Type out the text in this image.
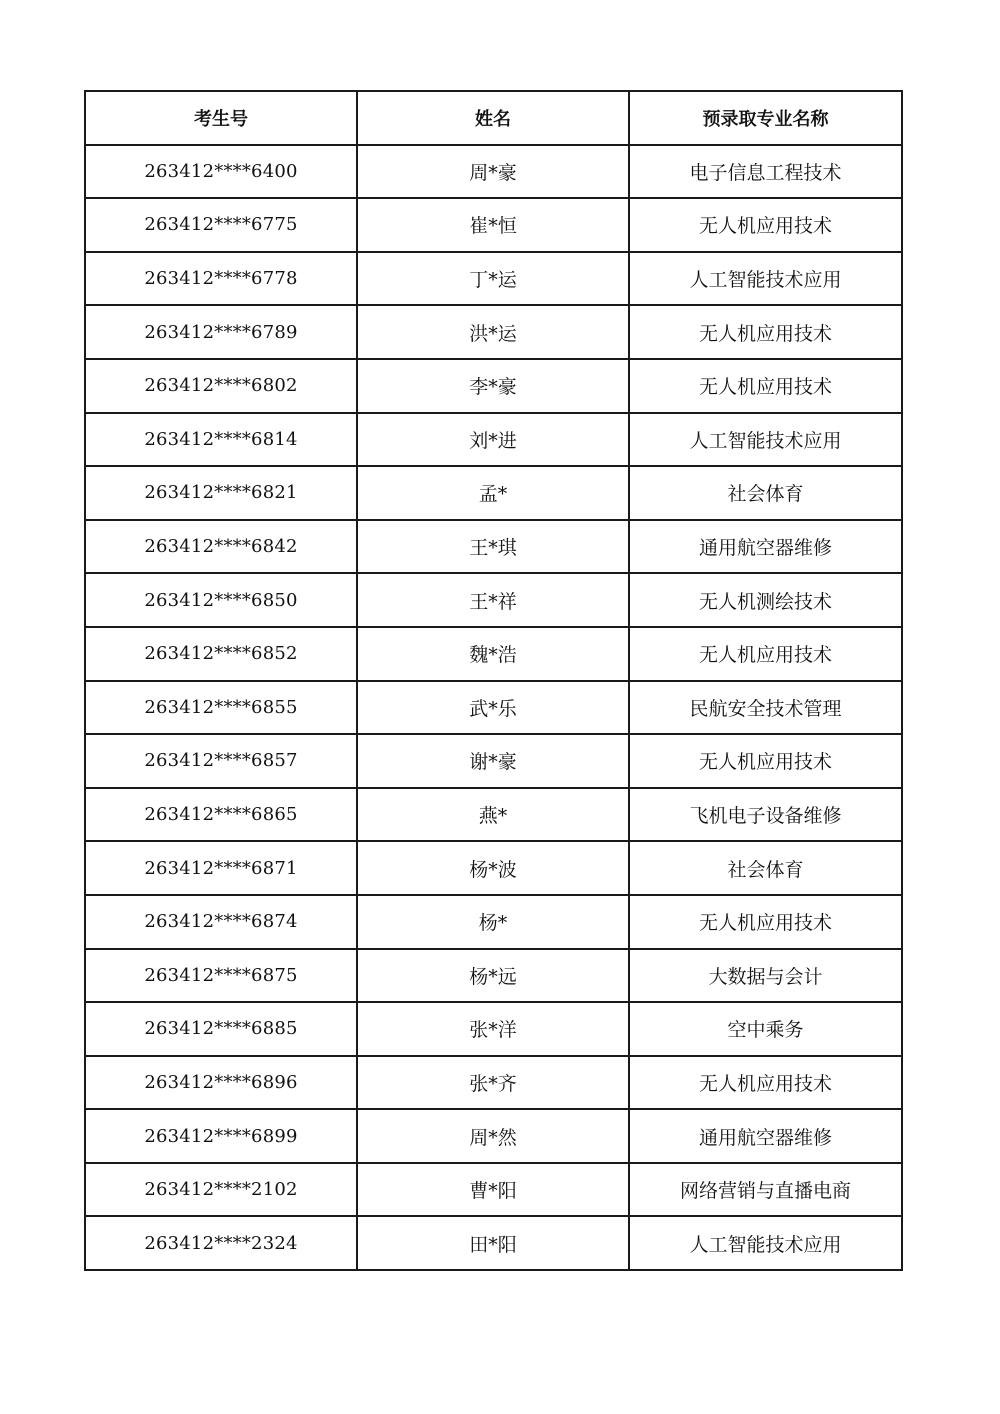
考生号	姓名	预录取专业名称
263412****6400	周*豪	电子信息工程技术
263412****6775	崔*恒	无人机应用技术
263412****6778	丁*运	人工智能技术应用
263412****6789	洪*运	无人机应用技术
263412****6802	李*豪	无人机应用技术
263412****6814	刘*进	人工智能技术应用
263412****6821	孟*	社会体育
263412****6842	王*琪	通用航空器维修
263412****6850	王*祥	无人机测绘技术
263412****6852	魏*浩	无人机应用技术
263412****6855	武*乐	民航安全技术管理
263412****6857	谢*豪	无人机应用技术
263412****6865	燕*	飞机电子设备维修
263412****6871	杨*波	社会体育
263412****6874	杨*	无人机应用技术
263412****6875	杨*远	大数据与会计
263412****6885	张*洋	空中乘务
263412****6896	张*齐	无人机应用技术
263412****6899	周*然	通用航空器维修
263412****2102	曹*阳	网络营销与直播电商
263412****2324	田*阳	人工智能技术应用
